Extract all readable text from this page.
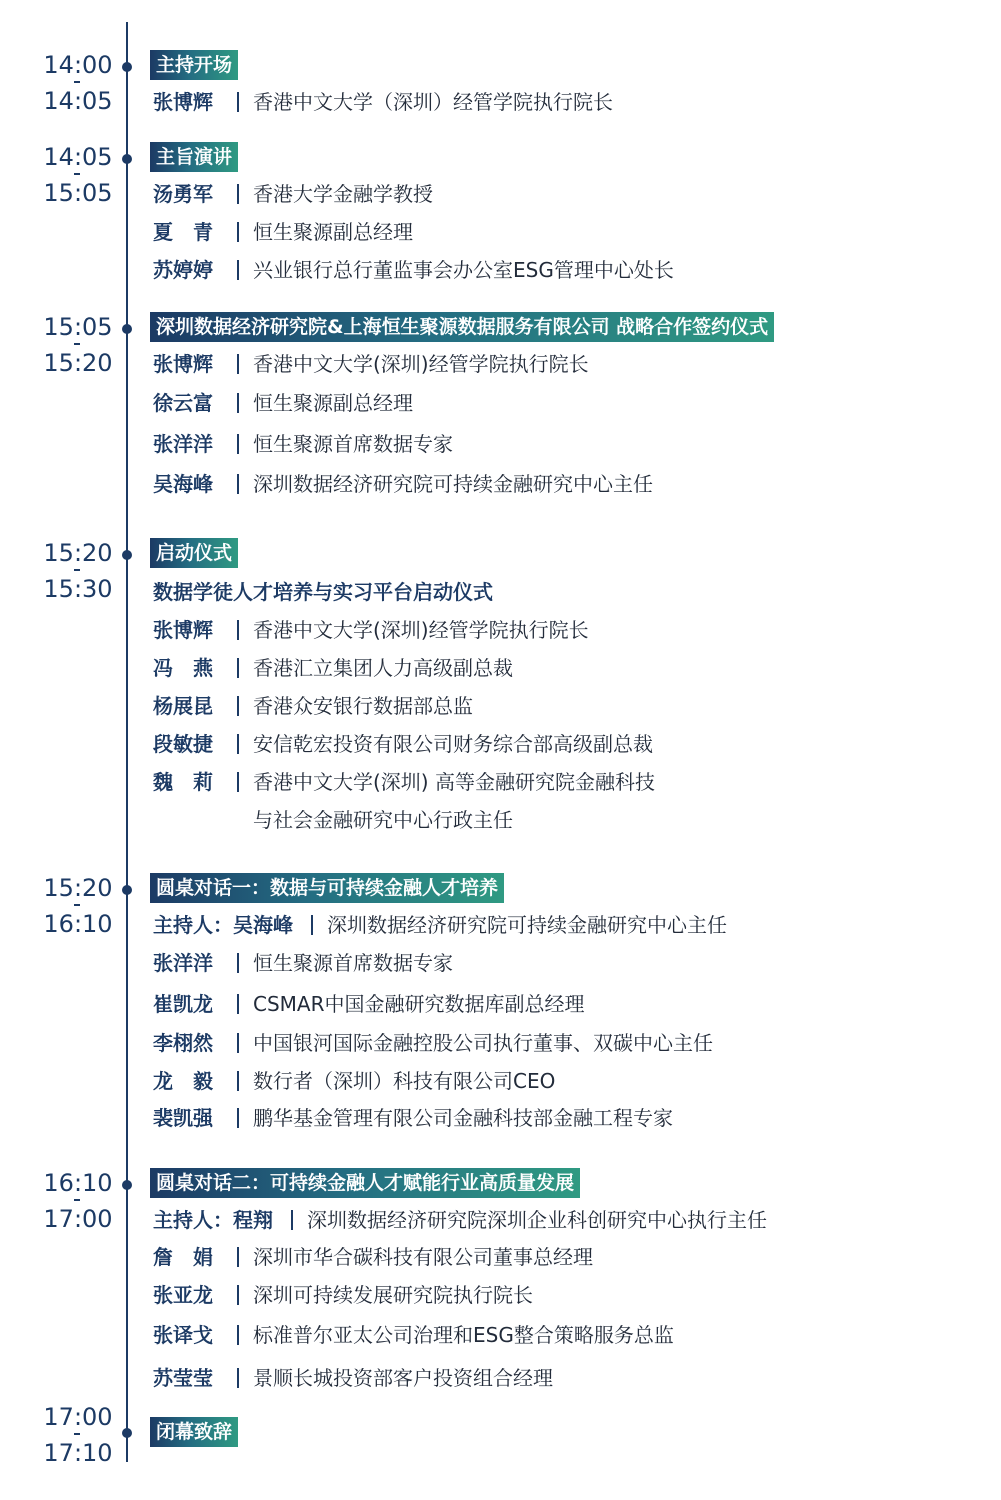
14:00
14:05
主持开场
张博辉 香港中文大学（深圳）经管学院执行院长
14:05
15:05
主旨演讲
汤勇军 香港大学金融学教授
夏　青 恒生聚源副总经理
苏婷婷 兴业银行总行董监事会办公室ESG管理中心处长
15:05
15:20
深圳数据经济研究院&上海恒生聚源数据服务有限公司 战略合作签约仪式
张博辉 香港中文大学(深圳)经管学院执行院长
徐云富 恒生聚源副总经理
张洋洋 恒生聚源首席数据专家
吴海峰 深圳数据经济研究院可持续金融研究中心主任
15:20
15:30
启动仪式
数据学徒人才培养与实习平台启动仪式
张博辉 香港中文大学(深圳)经管学院执行院长
冯　燕 香港汇立集团人力高级副总裁
杨展昆 香港众安银行数据部总监
段敏捷 安信乾宏投资有限公司财务综合部高级副总裁
魏　莉 香港中文大学(深圳) 高等金融研究院金融科技
与社会金融研究中心行政主任
15:20
16:10
圆桌对话一：数据与可持续金融人才培养
主持人：吴海峰 深圳数据经济研究院可持续金融研究中心主任
张洋洋 恒生聚源首席数据专家
崔凯龙 CSMAR中国金融研究数据库副总经理
李栩然 中国银河国际金融控股公司执行董事、双碳中心主任
龙　毅 数行者（深圳）科技有限公司CEO
裴凯强 鹏华基金管理有限公司金融科技部金融工程专家
16:10
17:00
圆桌对话二：可持续金融人才赋能行业高质量发展
主持人：程翔 深圳数据经济研究院深圳企业科创研究中心执行主任
詹　娟 深圳市华合碳科技有限公司董事总经理
张亚龙 深圳可持续发展研究院执行院长
张译戈 标准普尔亚太公司治理和ESG整合策略服务总监
苏莹莹 景顺长城投资部客户投资组合经理
17:00
17:10
闭幕致辞
